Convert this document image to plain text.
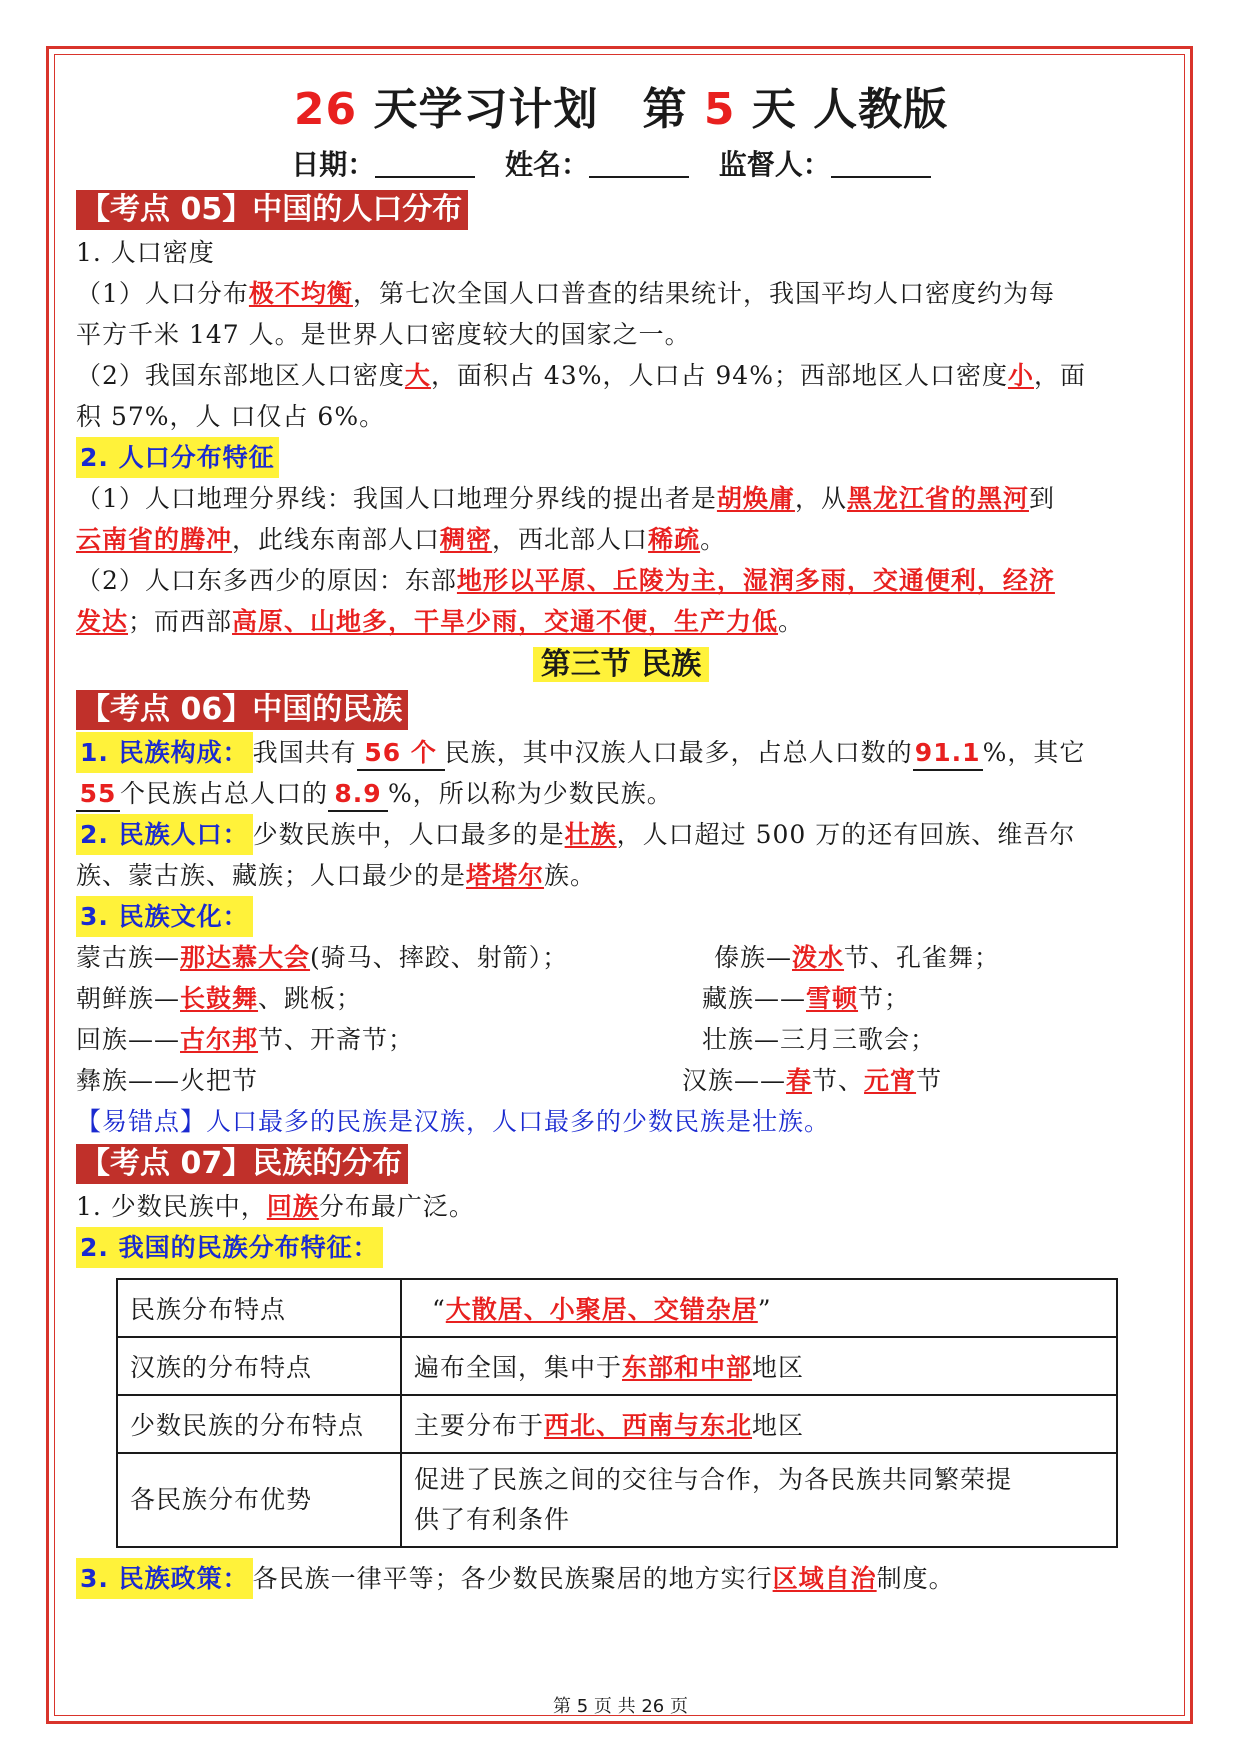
26 天学习计划 第 5 天 人教版
日期：	姓名：	监督人：
【考点 05】中国的人口分布
1. 人口密度
（1）人口分布极不均衡，第七次全国人口普查的结果统计，我国平均人口密度约为每
平方千米 147 人。是世界人口密度较大的国家之一。
（2）我国东部地区人口密度大，面积占 43%，人口占 94%；西部地区人口密度小，面
积 57%，人 口仅占 6%。
2. 人口分布特征
（1）人口地理分界线：我国人口地理分界线的提出者是胡焕庸，从黑龙江省的黑河到
云南省的腾冲，此线东南部人口稠密，西北部人口稀疏。
（2）人口东多西少的原因：东部地形以平原、丘陵为主，湿润多雨，交通便利，经济
发达；而西部高原、山地多，干旱少雨，交通不便，生产力低。
第三节 民族
【考点 06】中国的民族
1. 民族构成： 我国共有 56 个 民族，其中汉族人口最多，占总人口数的91.1%，其它
55 个民族占总人口的 8.9 %，所以称为少数民族。
2. 民族人口： 少数民族中，人口最多的是壮族，人口超过 500 万的还有回族、维吾尔
族、蒙古族、藏族；人口最少的是塔塔尔族。
3. 民族文化：
蒙古族—那达慕大会(骑马、摔跤、射箭）；	傣族—泼水节、孔雀舞；
朝鲜族—长鼓舞、跳板；	藏族——雪顿节；
回族——古尔邦节、开斋节；	壮族—三月三歌会；
彝族——火把节	汉族——春节、元宵节
【易错点】人口最多的民族是汉族，人口最多的少数民族是壮族。
【考点 07】民族的分布
1. 少数民族中，回族分布最广泛。
2. 我国的民族分布特征：
民族分布特点	“大散居、小聚居、交错杂居”
汉族的分布特点	遍布全国，集中于东部和中部地区
少数民族的分布特点	主要分布于西北、西南与东北地区
各民族分布优势	促进了民族之间的交往与合作，为各民族共同繁荣提
供了有利条件
3. 民族政策： 各民族一律平等；各少数民族聚居的地方实行区域自治制度。
第 5 页 共 26 页
